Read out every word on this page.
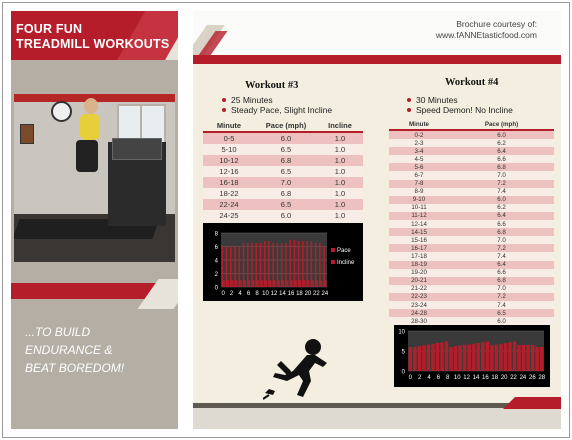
FOUR FUN
TREADMILL WORKOUTS
...TO BUILD
ENDURANCE &
BEAT BOREDOM!
Brochure courtesy of:
www.fANNEtasticfood.com
Workout #3
25 Minutes
Steady Pace, Slight Incline
Minute	Pace (mph)	Incline
0-5	6.0	1.0
5-10	6.5	1.0
10-12	6.8	1.0
12-16	6.5	1.0
16-18	7.0	1.0
18-22	6.8	1.0
22-24	6.5	1.0
24-25	6.0	1.0
0
2
4
6
8
0 2 4 6 8 10 12 14 16 18 20 22 24
Pace
Incline
Workout #4
30 Minutes
Speed Demon! No Incline
Minute	Pace (mph)
0-2	6.0
2-3	6.2
3-4	6.4
4-5	6.6
5-6	6.8
6-7	7.0
7-8	7.2
8-9	7.4
9-10	6.0
10-11	6.2
11-12	6.4
12-14	6.6
14-15	6.8
15-16	7.0
16-17	7.2
17-18	7.4
18-19	6.4
19-20	6.6
20-21	6.8
21-22	7.0
22-23	7.2
23-24	7.4
24-28	6.5
28-30	6.0
0
5
10
0 2 4 6 8 10 12 14 16 18 20 22 24 26 28
